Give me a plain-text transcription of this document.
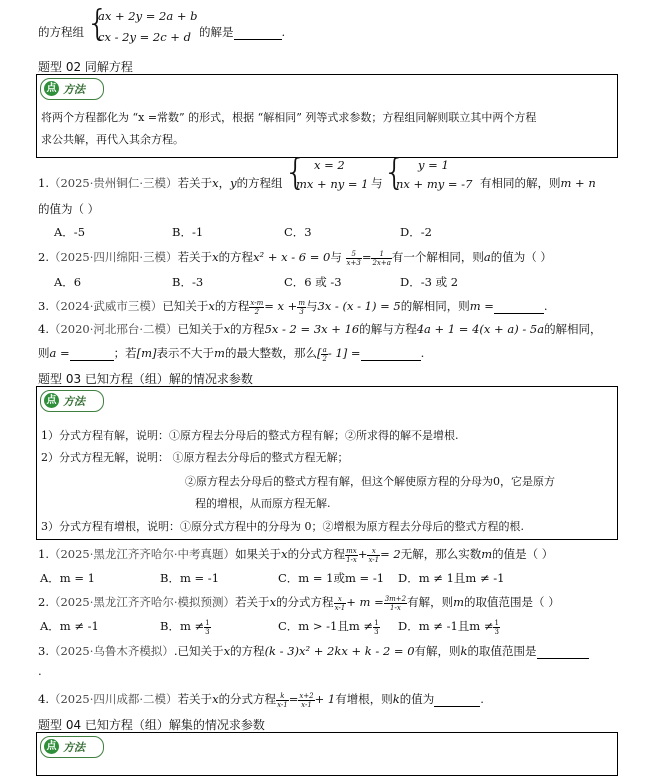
的方程组 {
ax + 2y = 2a + b
cx - 2y = 2c + d 的解是	.
题型 02 同解方程
点 方法
将两个方程都化为 “x =常数” 的形式，根据 “解相同” 列等式求参数；方程组同解则联立其中两个方程
求公共解，再代入其余方程。
1.（2025·贵州铜仁·三模）若关于x，y的方程组 { x = 2
mx + ny = 1 与 { y = 1
nx + my = -7 有相同的解，则m + n
的值为（ ）
A．-5	B．-1	C．3	D．-2
2.（2025·四川绵阳·三模）若关于x的方程x² + x - 6 = 0与 $\frac{5}{x+3} = \frac{1}{2x+a}$ 有一个解相同，则a的值为（ ）
A．6	B．-3	C．6 或 -3	D．-3 或 2
3.（2024·武威市三模）已知关于x的方程 $\frac{x-m}{2} = x + \frac{m}{3}$ 与3x - (x - 1) = 5的解相同，则m =	.
4.（2020·河北邢台·二模）已知关于x的方程5x - 2 = 3x + 16的解与方程4a + 1 = 4(x + a) - 5a的解相同，
则a =	；若[m]表示不大于m的最大整数，那么[ $\frac{a}{2} - 1$] =	.
题型 03 已知方程（组）解的情况求参数
点 方法
1）分式方程有解，说明：①原方程去分母后的整式方程有解；②所求得的解不是增根.
2）分式方程无解，说明： ①原方程去分母后的整式方程无解；
②原方程去分母后的整式方程有解，但这个解使原方程的分母为0，它是原方
程的增根，从而原方程无解.
3）分式方程有增根，说明：①原分式方程中的分母为 0；②增根为原方程去分母后的整式方程的根.
1.（2025·黑龙江齐齐哈尔·中考真题）如果关于x的分式方程 $\frac{mx}{1-x} + \frac{x}{x-1} = 2$无解，那么实数m的值是（ ）
A．m = 1	B．m = -1	C．m = 1或m = -1 D．m ≠ 1且m ≠ -1
2.（2025·黑龙江齐齐哈尔·模拟预测）若关于x的分式方程 $\frac{x}{x-1} + m = \frac{3m+2}{1-x}$ 有解，则m的取值范围是（ ）
A．m ≠ -1	B．$m \ne \frac{1}{3}$	C．m > -1且$m \ne \frac{1}{3}$ D．m ≠ -1且$m \ne \frac{1}{3}$
3.（2025·乌鲁木齐模拟）.已知关于x的方程(k - 3)x² + 2kx + k - 2 = 0有解，则k的取值范围是
.
4.（2025·四川成都·二模）若关于x的分式方程 $\frac{k}{x-1} = \frac{x+2}{x-1} + 1$有增根，则k的值为	.
题型 04 已知方程（组）解集的情况求参数
点 方法
